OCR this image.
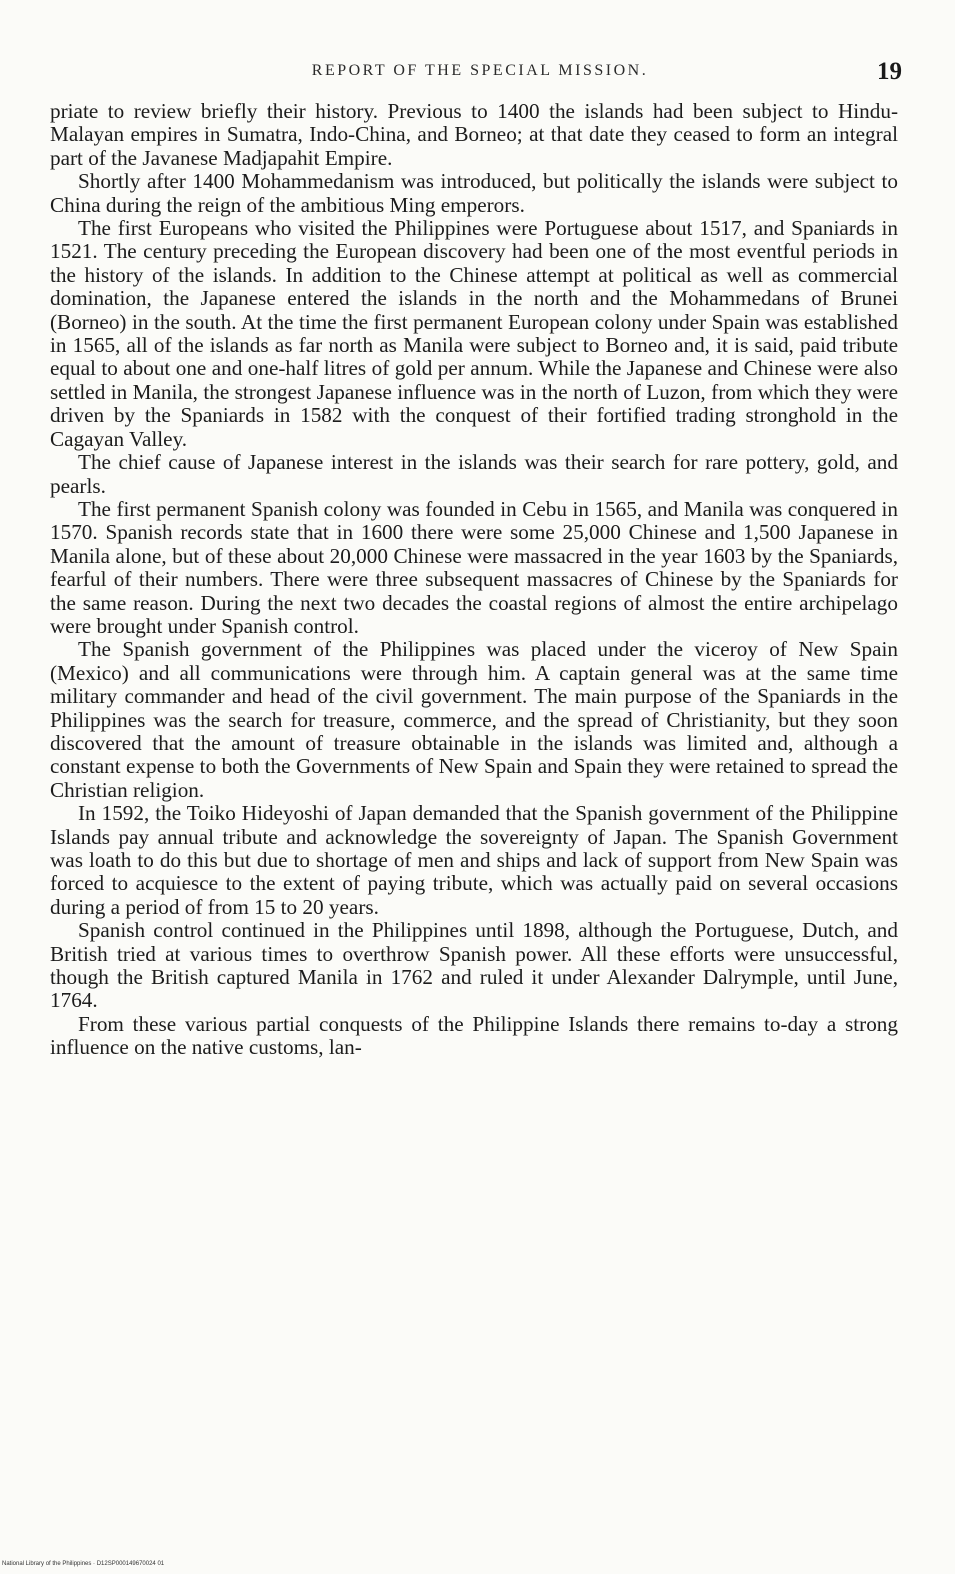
REPORT OF THE SPECIAL MISSION.	19

priate to review briefly their history. Previous to 1400 the islands had been subject to Hindu-Malayan empires in Sumatra, Indo-China, and Borneo; at that date they ceased to form an integral part of the Javanese Madjapahit Empire.

Shortly after 1400 Mohammedanism was introduced, but politically the islands were subject to China during the reign of the ambitious Ming emperors.

The first Europeans who visited the Philippines were Portuguese about 1517, and Spaniards in 1521. The century preceding the European discovery had been one of the most eventful periods in the history of the islands. In addition to the Chinese attempt at political as well as commercial domination, the Japanese entered the islands in the north and the Mohammedans of Brunei (Borneo) in the south. At the time the first permanent European colony under Spain was established in 1565, all of the islands as far north as Manila were subject to Borneo and, it is said, paid tribute equal to about one and one-half litres of gold per annum. While the Japanese and Chinese were also settled in Manila, the strongest Japanese influence was in the north of Luzon, from which they were driven by the Spaniards in 1582 with the conquest of their fortified trading stronghold in the Cagayan Valley.

The chief cause of Japanese interest in the islands was their search for rare pottery, gold, and pearls.

The first permanent Spanish colony was founded in Cebu in 1565, and Manila was conquered in 1570. Spanish records state that in 1600 there were some 25,000 Chinese and 1,500 Japanese in Manila alone, but of these about 20,000 Chinese were massacred in the year 1603 by the Spaniards, fearful of their numbers. There were three subsequent massacres of Chinese by the Spaniards for the same reason. During the next two decades the coastal regions of almost the entire archipelago were brought under Spanish control.

The Spanish government of the Philippines was placed under the viceroy of New Spain (Mexico) and all communications were through him. A captain general was at the same time military commander and head of the civil government. The main purpose of the Spaniards in the Philippines was the search for treasure, commerce, and the spread of Christianity, but they soon discovered that the amount of treasure obtainable in the islands was limited and, although a constant expense to both the Governments of New Spain and Spain they were retained to spread the Christian religion.

In 1592, the Toiko Hideyoshi of Japan demanded that the Spanish government of the Philippine Islands pay annual tribute and acknowledge the sovereignty of Japan. The Spanish Government was loath to do this but due to shortage of men and ships and lack of support from New Spain was forced to acquiesce to the extent of paying tribute, which was actually paid on several occasions during a period of from 15 to 20 years.

Spanish control continued in the Philippines until 1898, although the Portuguese, Dutch, and British tried at various times to overthrow Spanish power. All these efforts were unsuccessful, though the British captured Manila in 1762 and ruled it under Alexander Dalrymple, until June, 1764.

From these various partial conquests of the Philippine Islands there remains to-day a strong influence on the native customs, lan-

National Library of the Philippines · D12SP000149670024 01
